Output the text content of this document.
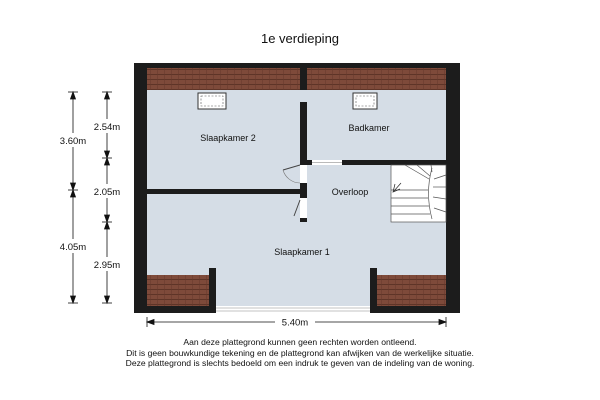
1e verdieping
Slaapkamer 2
Badkamer
Overloop
Slaapkamer 1
3.60m
4.05m
2.54m
2.05m
2.95m
5.40m
Aan deze plattegrond kunnen geen rechten worden ontleend.
Dit is geen bouwkundige tekening en de plattegrond kan afwijken van de werkelijke situatie.
Deze plattegrond is slechts bedoeld om een indruk te geven van de indeling van de woning.
